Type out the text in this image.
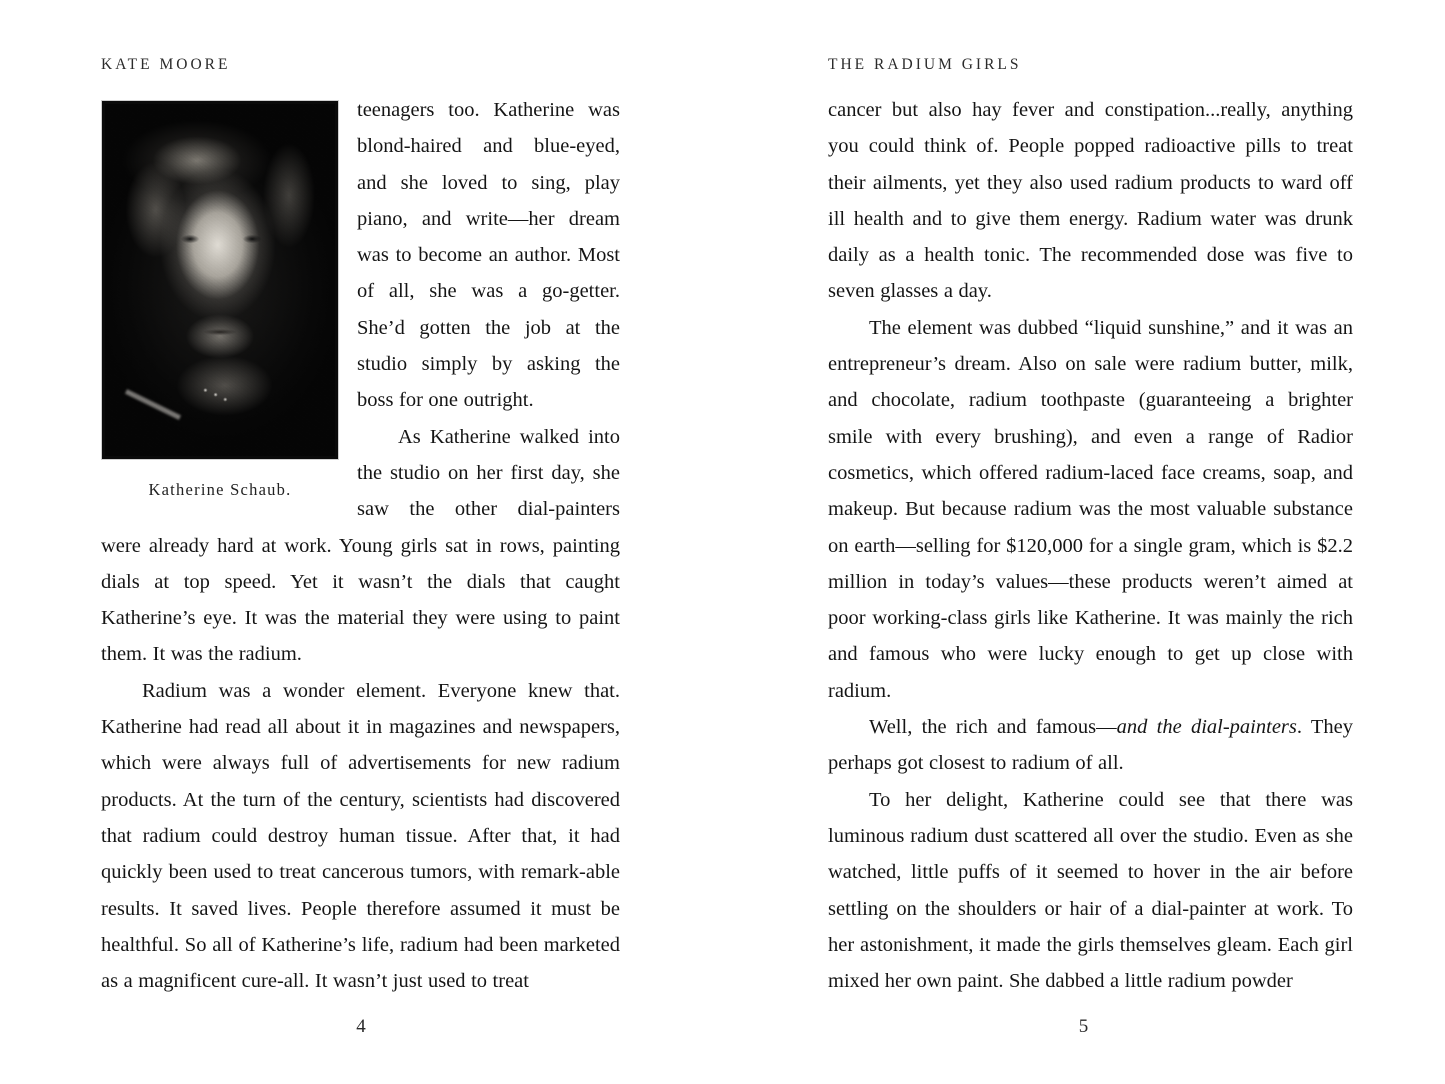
KATE MOORE
Katherine Schaub.

teenagers too. Katherine was blond-haired and blue-eyed, and she loved to sing, play piano, and write—her dream was to become an author. Most of all, she was a go-getter. She’d gotten the job at the studio simply by asking the boss for one outright.

As Katherine walked into the studio on her first day, she saw the other dial-painters were already hard at work. Young girls sat in rows, painting dials at top speed. Yet it wasn’t the dials that caught Katherine’s eye. It was the material they were using to paint them. It was the radium.

Radium was a wonder element. Everyone knew that. Katherine had read all about it in magazines and newspapers, which were always full of advertisements for new radium products. At the turn of the century, scientists had discovered that radium could destroy human tissue. After that, it had quickly been used to treat cancerous tumors, with remark-able results. It saved lives. People therefore assumed it must be healthful. So all of Katherine’s life, radium had been marketed as a magnificent cure-all. It wasn’t just used to treat

4
THE RADIUM GIRLS

cancer but also hay fever and constipation...really, anything you could think of. People popped radioactive pills to treat their ailments, yet they also used radium products to ward off ill health and to give them energy. Radium water was drunk daily as a health tonic. The recommended dose was five to seven glasses a day.

The element was dubbed “liquid sunshine,” and it was an entrepreneur’s dream. Also on sale were radium butter, milk, and chocolate, radium toothpaste (guaranteeing a brighter smile with every brushing), and even a range of Radior cosmetics, which offered radium-laced face creams, soap, and makeup. But because radium was the most valuable substance on earth—selling for $120,000 for a single gram, which is $2.2 million in today’s values—these products weren’t aimed at poor working-class girls like Katherine. It was mainly the rich and famous who were lucky enough to get up close with radium.

Well, the rich and famous—and the dial-painters. They perhaps got closest to radium of all.

To her delight, Katherine could see that there was luminous radium dust scattered all over the studio. Even as she watched, little puffs of it seemed to hover in the air before settling on the shoulders or hair of a dial-painter at work. To her astonishment, it made the girls themselves gleam. Each girl mixed her own paint. She dabbed a little radium powder

5
